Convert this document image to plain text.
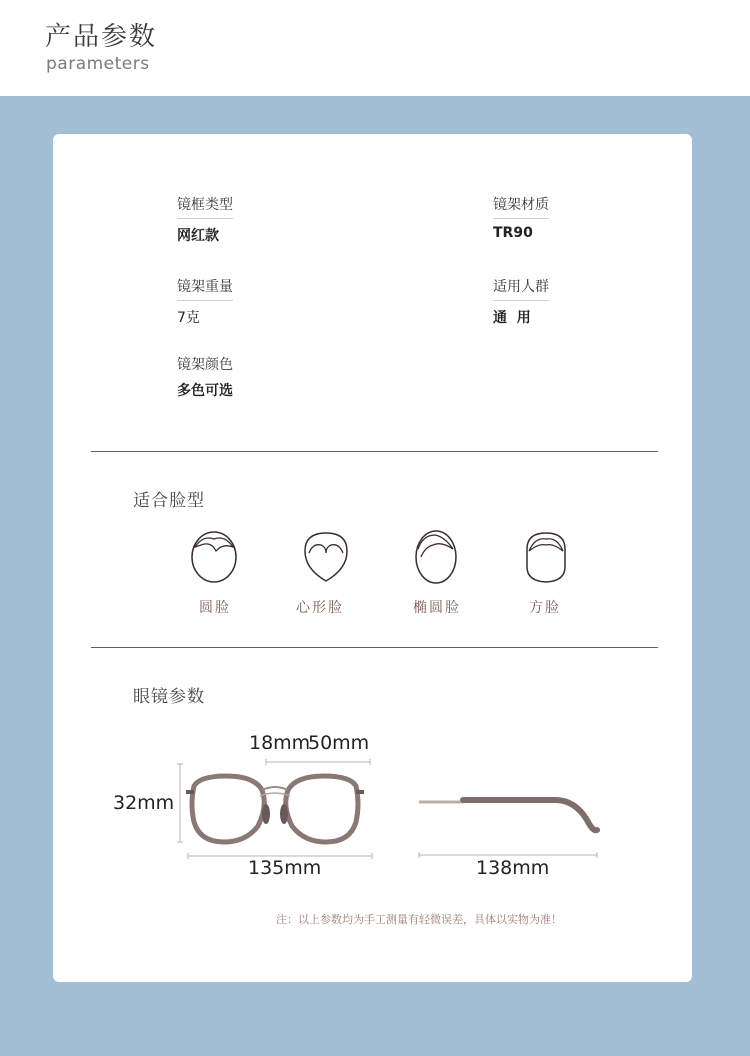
产品参数
parameters
镜框类型
网红款
镜架材质
TR90
镜架重量
7克
适用人群
通  用
镜架颜色
多色可选
适合脸型
圆脸	心形脸	椭圆脸	方脸
眼镜参数
18mm
50mm
32mm
135mm	138mm
注：以上参数均为手工测量有轻微误差，具体以实物为准！
